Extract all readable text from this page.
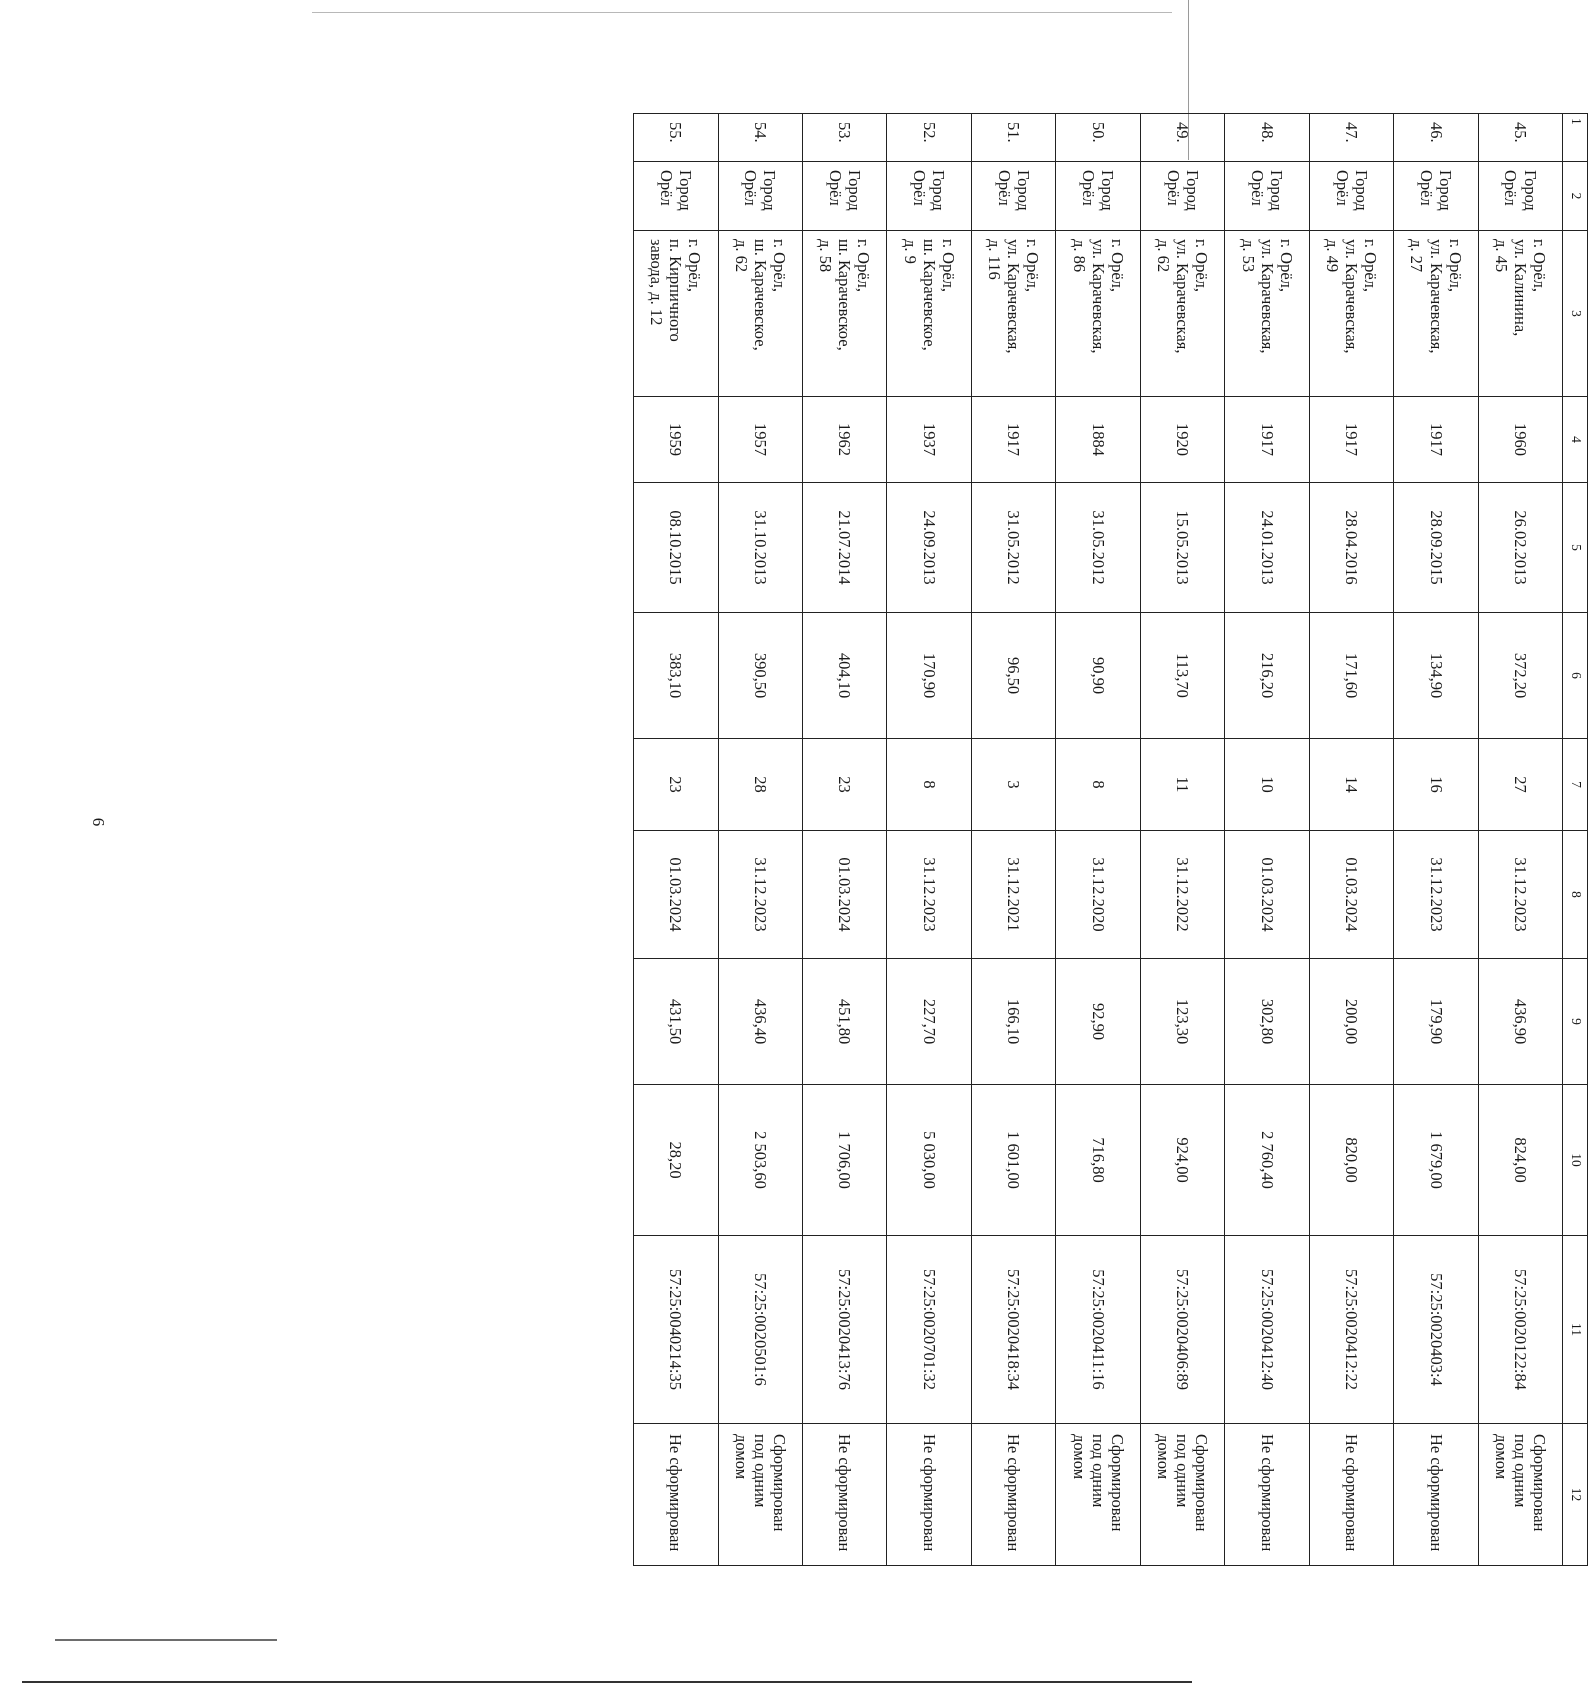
6
1	2	3	4	5	6	7	8	9	10	11	12
45.	Город
Орёл	г. Орёл,
ул. Калинина,
д. 45	1960	26.02.2013	372,20	27	31.12.2023	436,90	824,00	57:25:0020122:84	Сформирован
под одним
домом
46.	Город
Орёл	г. Орёл,
ул. Карачевская,
д. 27	1917	28.09.2015	134,90	16	31.12.2023	179,90	1 679,00	57:25:0020403:4	Не сформирован
47.	Город
Орёл	г. Орёл,
ул. Карачевская,
д. 49	1917	28.04.2016	171,60	14	01.03.2024	200,00	820,00	57:25:0020412:22	Не сформирован
48.	Город
Орёл	г. Орёл,
ул. Карачевская,
д. 53	1917	24.01.2013	216,20	10	01.03.2024	302,80	2 760,40	57:25:0020412:40	Не сформирован
49.	Город
Орёл	г. Орёл,
ул. Карачевская,
д. 62	1920	15.05.2013	113,70	11	31.12.2022	123,30	924,00	57:25:0020406:89	Сформирован
под одним
домом
50.	Город
Орёл	г. Орёл,
ул. Карачевская,
д. 86	1884	31.05.2012	90,90	8	31.12.2020	92,90	716,80	57:25:0020411:16	Сформирован
под одним
домом
51.	Город
Орёл	г. Орёл,
ул. Карачевская,
д. 116	1917	31.05.2012	96,50	3	31.12.2021	166,10	1 601,00	57:25:0020418:34	Не сформирован
52.	Город
Орёл	г. Орёл,
ш. Карачевское,
д. 9	1937	24.09.2013	170,90	8	31.12.2023	227,70	5 030,00	57:25:0020701:32	Не сформирован
53.	Город
Орёл	г. Орёл,
ш. Карачевское,
д. 58	1962	21.07.2014	404,10	23	01.03.2024	451,80	1 706,00	57:25:0020413:76	Не сформирован
54.	Город
Орёл	г. Орёл,
ш. Карачевское,
д. 62	1957	31.10.2013	390,50	28	31.12.2023	436,40	2 503,60	57:25:0020501:6	Сформирован
под одним
домом
55.	Город
Орёл	г. Орёл,
п. Кирпичного
завода, д. 12	1959	08.10.2015	383,10	23	01.03.2024	431,50	28,20	57:25:0040214:35	Не сформирован
